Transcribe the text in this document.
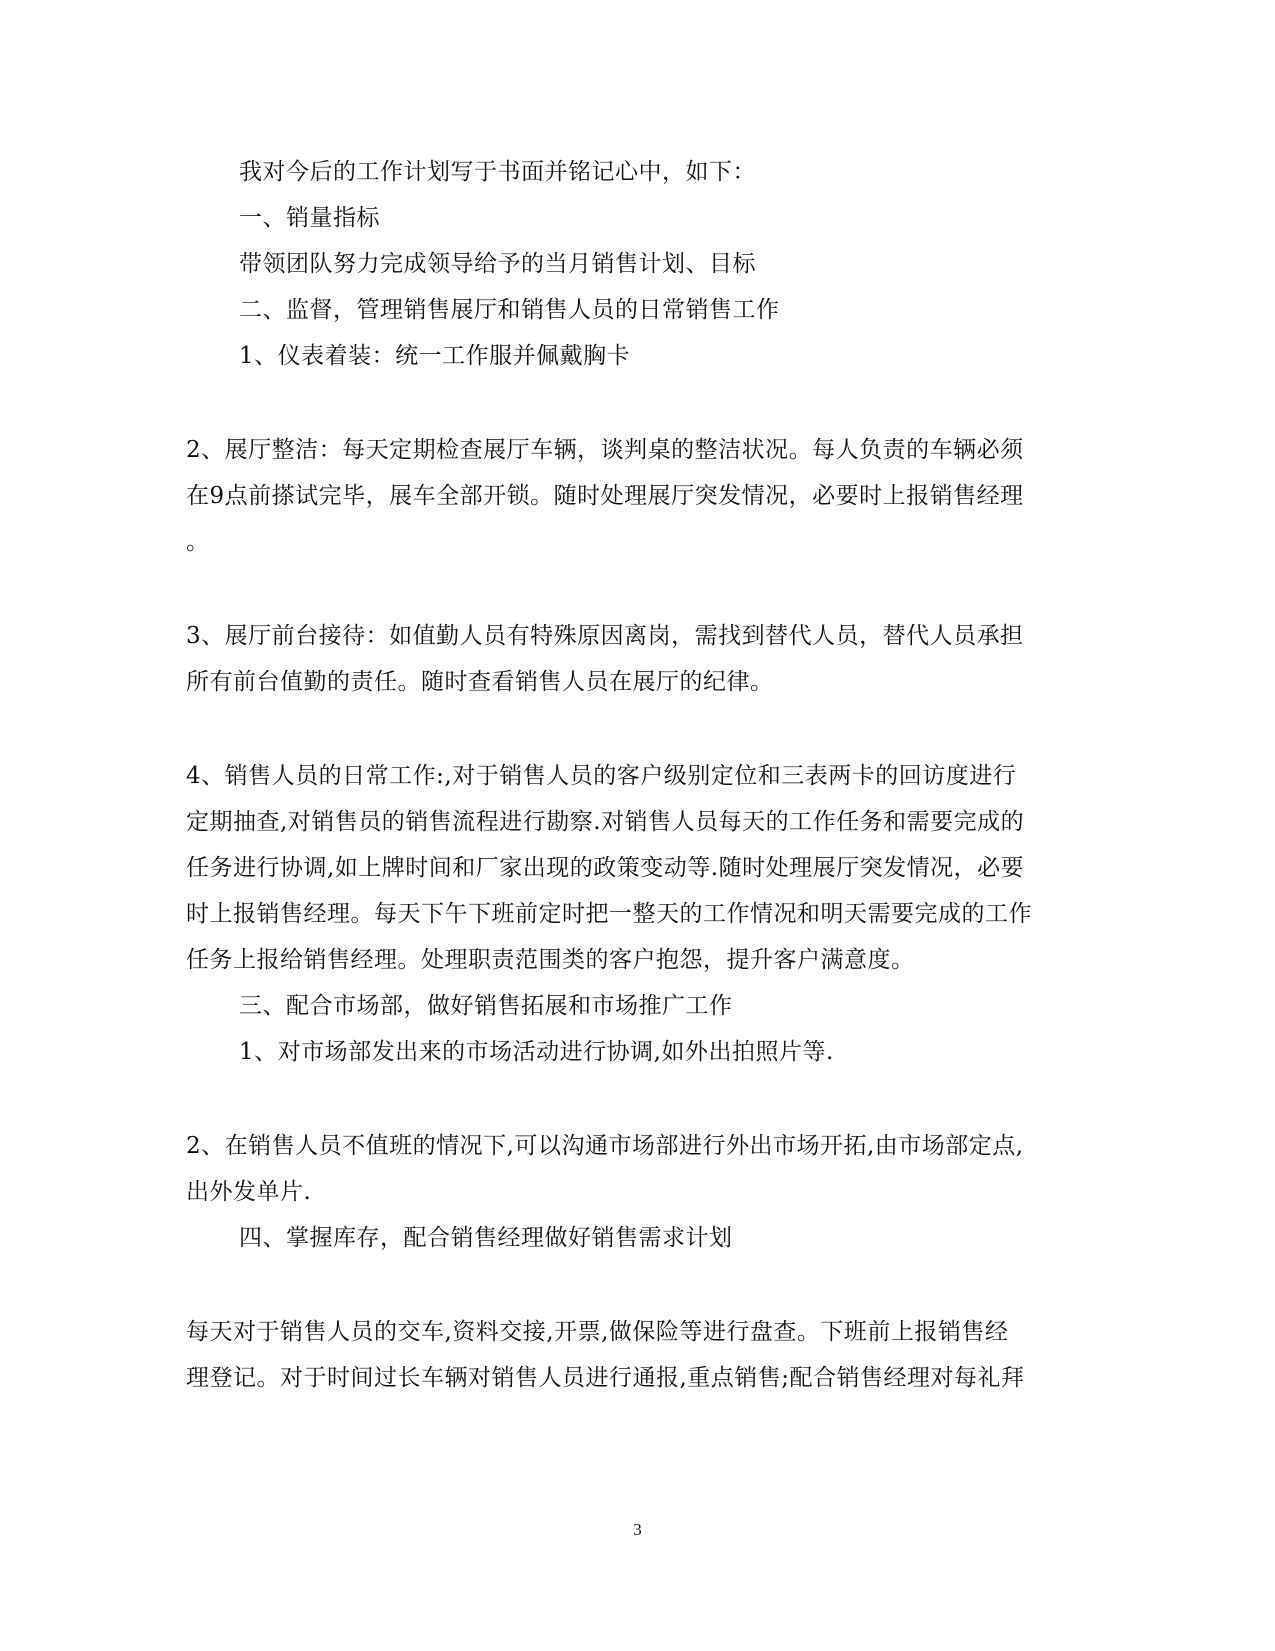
我对今后的工作计划写于书面并铭记心中，如下：
一、销量指标
带领团队努力完成领导给予的当月销售计划、目标
二、监督，管理销售展厅和销售人员的日常销售工作
1、仪表着装：统一工作服并佩戴胸卡
2、展厅整洁：每天定期检查展厅车辆，谈判桌的整洁状况。每人负责的车辆必须
在9点前搽试完毕，展车全部开锁。随时处理展厅突发情况，必要时上报销售经理
。
3、展厅前台接待：如值勤人员有特殊原因离岗，需找到替代人员，替代人员承担
所有前台值勤的责任。随时查看销售人员在展厅的纪律。
4、销售人员的日常工作:,对于销售人员的客户级别定位和三表两卡的回访度进行
定期抽查,对销售员的销售流程进行勘察.对销售人员每天的工作任务和需要完成的
任务进行协调,如上牌时间和厂家出现的政策变动等.随时处理展厅突发情况，必要
时上报销售经理。每天下午下班前定时把一整天的工作情况和明天需要完成的工作
任务上报给销售经理。处理职责范围类的客户抱怨，提升客户满意度。
三、配合市场部，做好销售拓展和市场推广工作
1、对市场部发出来的市场活动进行协调,如外出拍照片等.
2、在销售人员不值班的情况下,可以沟通市场部进行外出市场开拓,由市场部定点,
出外发单片.
四、掌握库存，配合销售经理做好销售需求计划
每天对于销售人员的交车,资料交接,开票,做保险等进行盘查。下班前上报销售经
理登记。对于时间过长车辆对销售人员进行通报,重点销售;配合销售经理对每礼拜
3
